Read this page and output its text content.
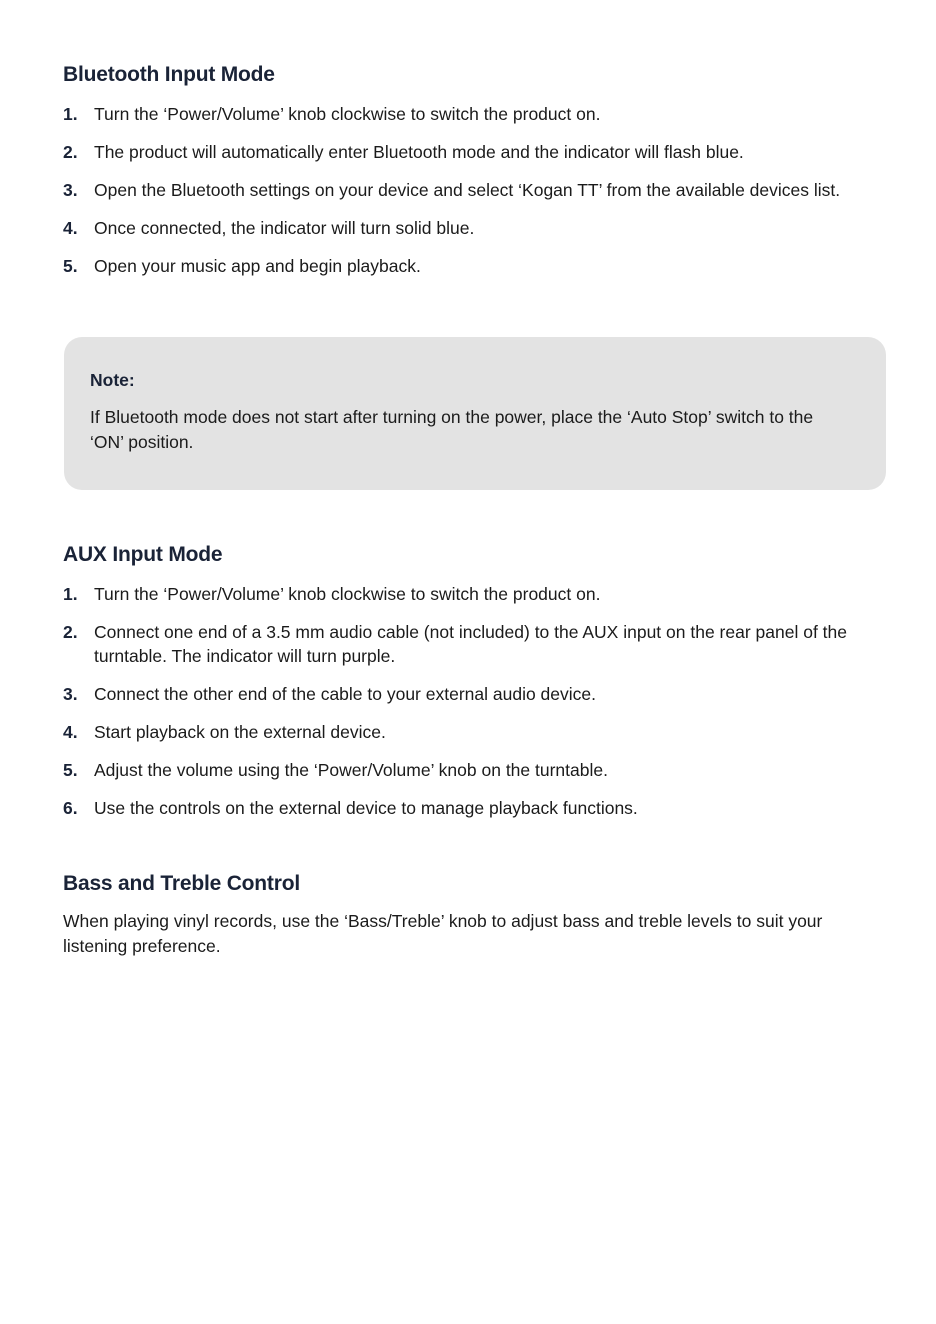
Bluetooth Input Mode
1. Turn the ‘Power/Volume’ knob clockwise to switch the product on.
2. The product will automatically enter Bluetooth mode and the indicator will flash blue.
3. Open the Bluetooth settings on your device and select ‘Kogan TT’ from the available devices list.
4. Once connected, the indicator will turn solid blue.
5. Open your music app and begin playback.
Note:

If Bluetooth mode does not start after turning on the power, place the ‘Auto Stop’ switch to the ‘ON’ position.

AUX Input Mode
1. Turn the ‘Power/Volume’ knob clockwise to switch the product on.
2. Connect one end of a 3.5 mm audio cable (not included) to the AUX input on the rear panel of the turntable. The indicator will turn purple.
3. Connect the other end of the cable to your external audio device.
4. Start playback on the external device.
5. Adjust the volume using the ‘Power/Volume’ knob on the turntable.
6. Use the controls on the external device to manage playback functions.
Bass and Treble Control

When playing vinyl records, use the ‘Bass/Treble’ knob to adjust bass and treble levels to suit your listening preference.
